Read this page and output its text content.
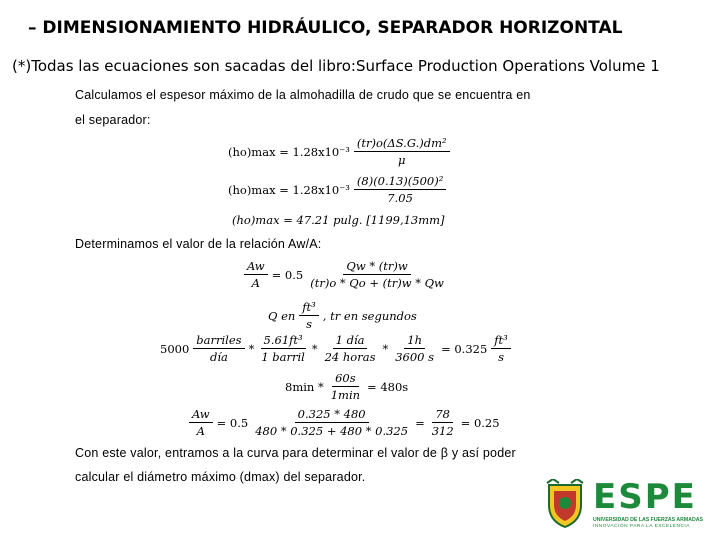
– DIMENSIONAMIENTO HIDRÁULICO, SEPARADOR HORIZONTAL
(*)Todas las ecuaciones son sacadas del libro:Surface Production Operations Volume 1
Calculamos el espesor máximo de la almohadilla de crudo que se encuentra en
el separador:
$(ho)\max = 1.28x10^{-3} \frac{\text{(tr)o(ΔS.G.)dm²}}{\mu}$
$(ho)\max = 1.28x10^{-3} \frac{\text{(8)(0.13)(500)²}}{7.05}$
(ho)max = 47.21 pulg. [1199,13mm]
Determinamos el valor de la relación Aw/A:
$\frac{Aw}{A} = 0.5 \frac{Qw * (tr)w}{(tr)o * Qo + (tr)w * Qw}$
Q en $\frac{\text{ft³}}{s}$ , tr en segundos
$5000 \frac{\text{barriles}}{\text{día}} * \frac{\text{5.61ft³}}{\text{1 barril}} * \frac{\text{1 día}}{\text{24 horas}} * \frac{1h}{3600 s} = 0.325 \frac{\text{ft³}}{s}$
$8\min * \frac{60s}{1\min} = 480s$
$\frac{Aw}{A} = 0.5 \frac{0.325 * 480}{480 * 0.325 + 480 * 0.325} = \frac{78}{312} = 0.25$
Con este valor, entramos a la curva para determinar el valor de β y así poder
calcular el diámetro máximo (dmax) del separador.	ESPE
UNIVERSIDAD DE LAS FUERZAS ARMADAS
INNOVACIÓN PARA LA EXCELENCIA
